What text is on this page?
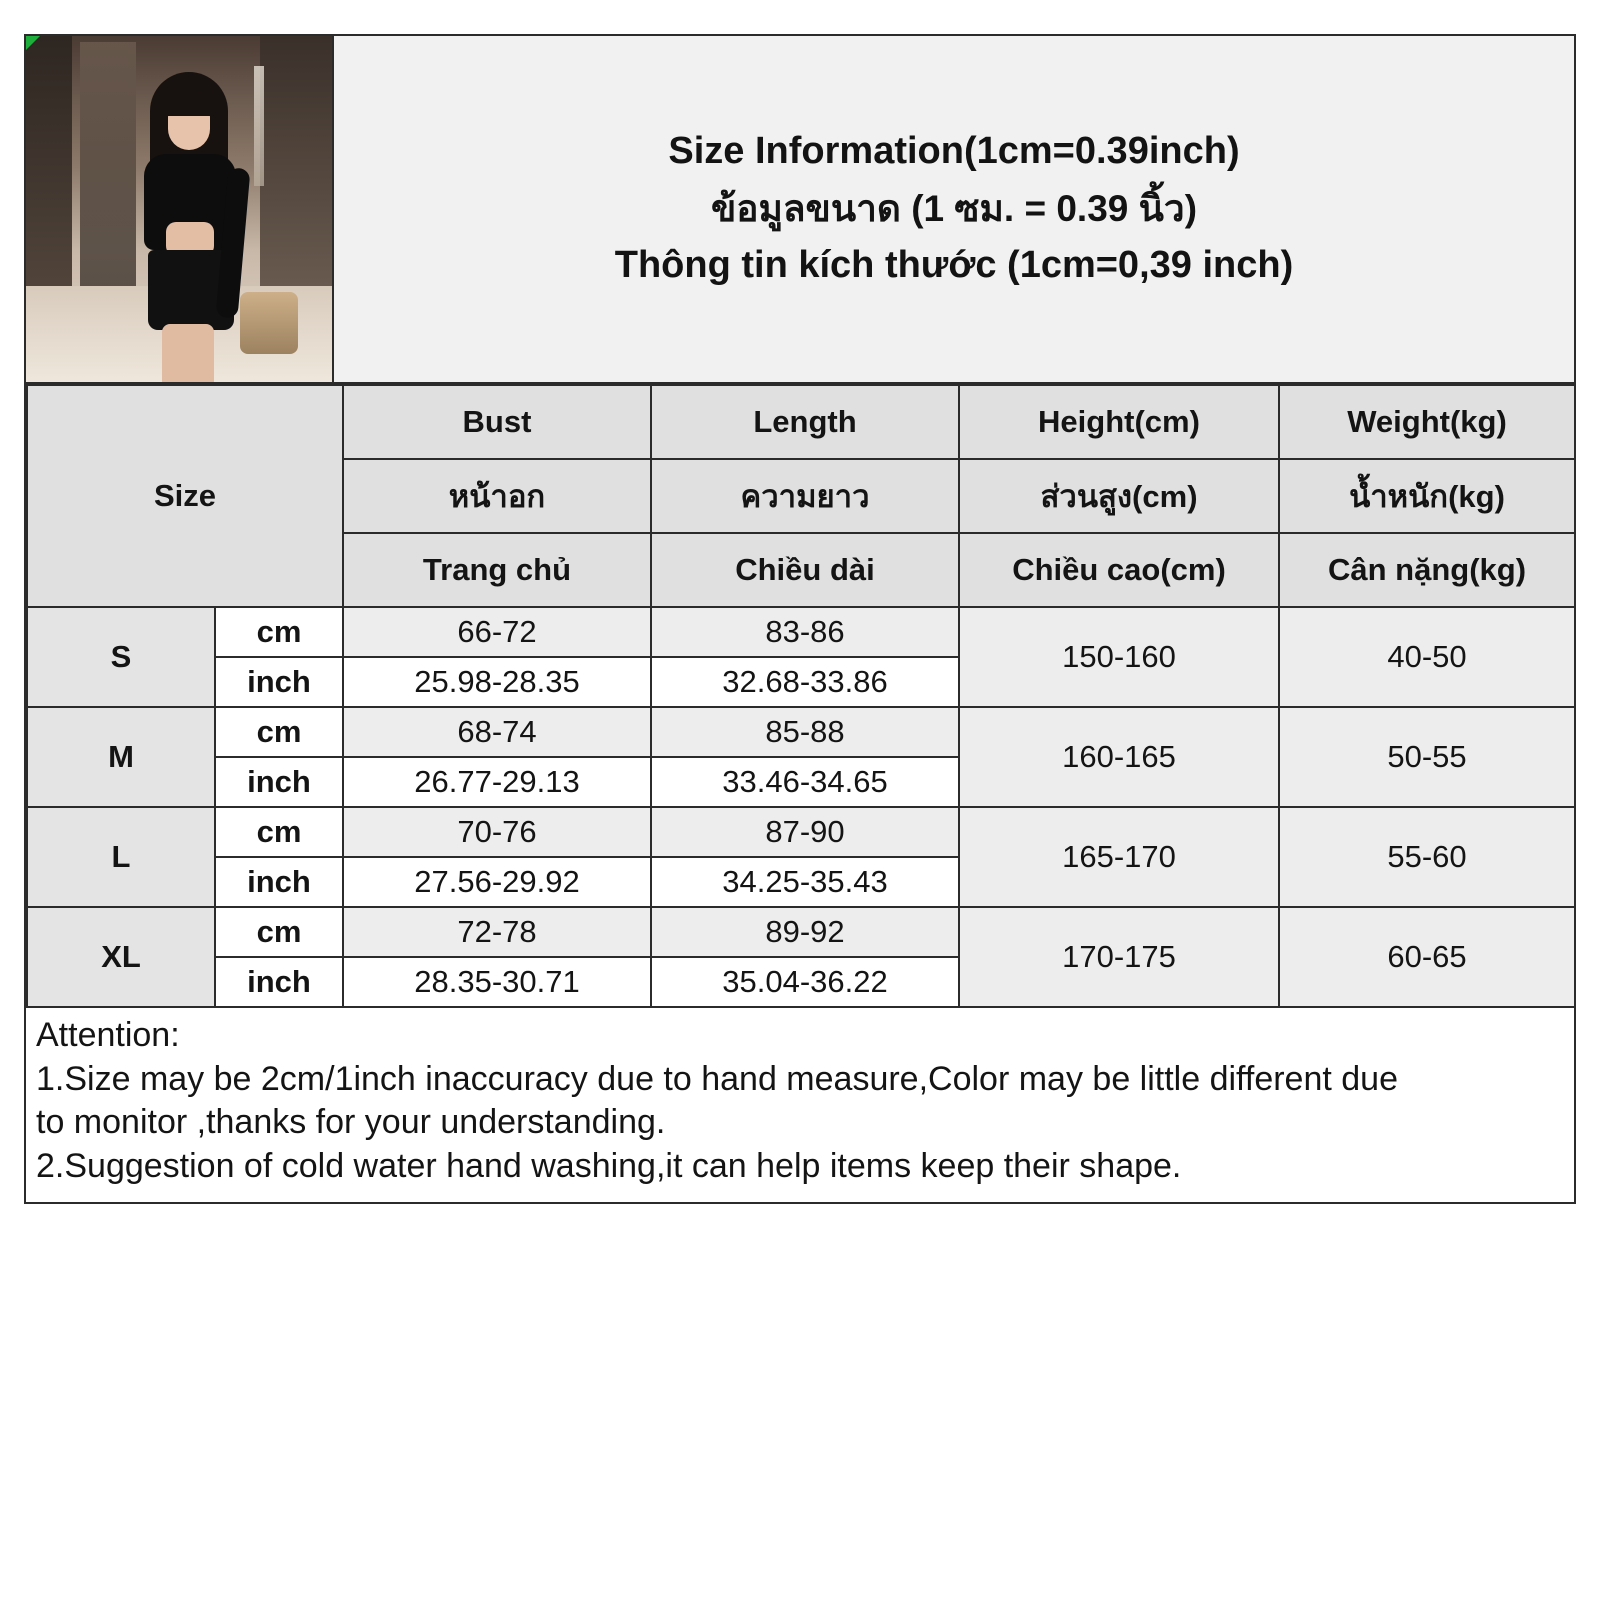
Size Information(1cm=0.39inch)
ข้อมูลขนาด (1 ซม. = 0.39 นิ้ว)
Thông tin kích thước (1cm=0,39 inch)
Size		Bust	Length	Height(cm)	Weight(kg)
		หน้าอก	ความยาว	ส่วนสูง(cm)	น้ำหนัก(kg)
		Trang chủ	Chiều dài	Chiều cao(cm)	Cân nặng(kg)
S	cm	66-72	83-86	150-160	40-50
	inch	25.98-28.35	32.68-33.86		
M	cm	68-74	85-88	160-165	50-55
	inch	26.77-29.13	33.46-34.65		
L	cm	70-76	87-90	165-170	55-60
	inch	27.56-29.92	34.25-35.43		
XL	cm	72-78	89-92	170-175	60-65
	inch	28.35-30.71	35.04-36.22		
Attention:
1.Size may be 2cm/1inch inaccuracy due to hand measure,Color may be little different due
to monitor ,thanks for your understanding.
2.Suggestion of cold water hand washing,it can help items keep their shape.
